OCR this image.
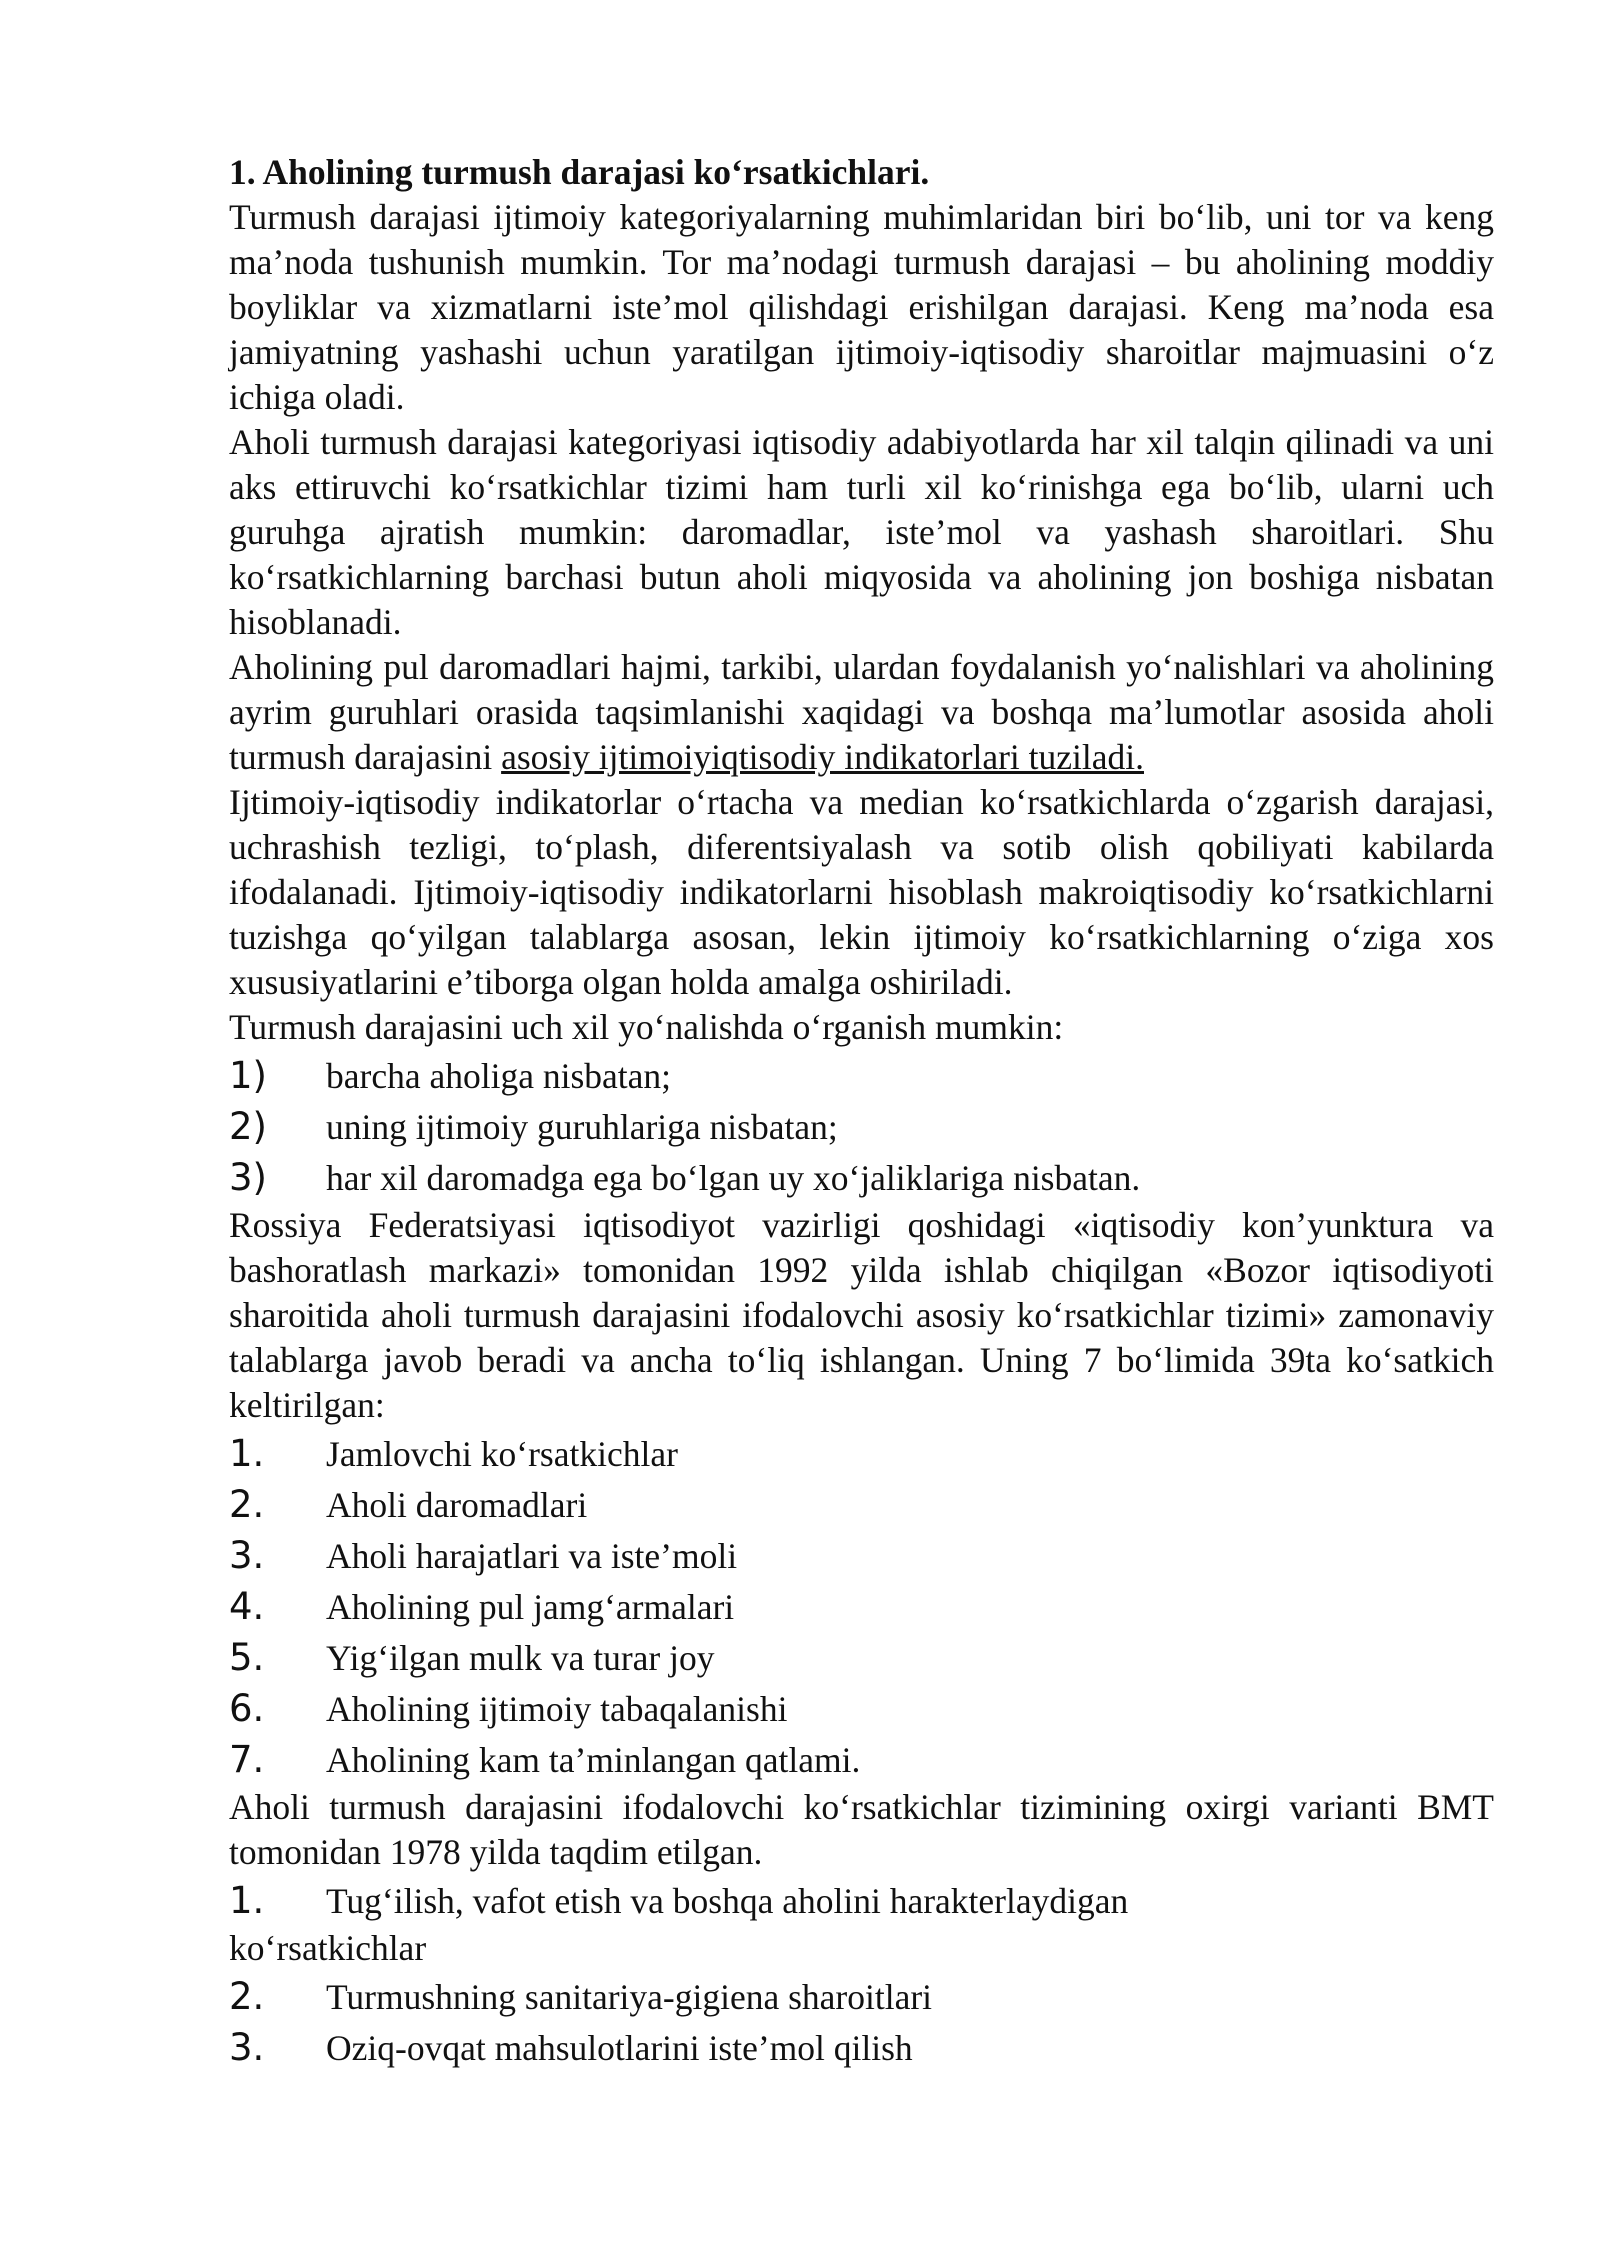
1. Aholining turmush darajasi ko‘rsatkichlari.

Turmush darajasi ijtimoiy kategoriyalarning muhimlaridan biri bo‘lib, uni tor va keng ma’noda tushunish mumkin. Tor ma’nodagi turmush darajasi – bu aholining moddiy boyliklar va xizmatlarni iste’mol qilishdagi erishilgan darajasi. Keng ma’noda esa jamiyatning yashashi uchun yaratilgan ijtimoiy-iqtisodiy sharoitlar majmuasini o‘z ichiga oladi.

Aholi turmush darajasi kategoriyasi iqtisodiy adabiyotlarda har xil talqin qilinadi va uni aks ettiruvchi ko‘rsatkichlar tizimi ham turli xil ko‘rinishga ega bo‘lib, ularni uch guruhga ajratish mumkin: daromadlar, iste’mol va yashash sharoitlari. Shu ko‘rsatkichlarning barchasi butun aholi miqyosida va aholining jon boshiga nisbatan hisoblanadi.

Aholining pul daromadlari hajmi, tarkibi, ulardan foydalanish yo‘nalishlari va aholining ayrim guruhlari orasida taqsimlanishi xaqidagi va boshqa ma’lumotlar asosida aholi turmush darajasini asosiy ijtimoiyiqtisodiy indikatorlari tuziladi.

Ijtimoiy-iqtisodiy indikatorlar o‘rtacha va median ko‘rsatkichlarda o‘zgarish darajasi, uchrashish tezligi, to‘plash, diferentsiyalash va sotib olish qobiliyati kabilarda ifodalanadi. Ijtimoiy-iqtisodiy indikatorlarni hisoblash makroiqtisodiy ko‘rsatkichlarni tuzishga qo‘yilgan talablarga asosan, lekin ijtimoiy ko‘rsatkichlarning o‘ziga xos xususiyatlarini e’tiborga olgan holda amalga oshiriladi.

Turmush darajasini uch xil yo‘nalishda o‘rganish mumkin:

1)	barcha aholiga nisbatan;
2)	uning ijtimoiy guruhlariga nisbatan;
3)	har xil daromadga ega bo‘lgan uy xo‘jaliklariga nisbatan.

Rossiya Federatsiyasi iqtisodiyot vazirligi qoshidagi «iqtisodiy kon’yunktura va bashoratlash markazi» tomonidan 1992 yilda ishlab chiqilgan «Bozor iqtisodiyoti sharoitida aholi turmush darajasini ifodalovchi asosiy ko‘rsatkichlar tizimi» zamonaviy talablarga javob beradi va ancha to‘liq ishlangan. Uning 7 bo‘limida 39ta ko‘satkich keltirilgan:

1.	Jamlovchi ko‘rsatkichlar
2.	Aholi daromadlari
3.	Aholi harajatlari va iste’moli
4.	Aholining pul jamg‘armalari
5.	Yig‘ilgan mulk va turar joy
6.	Aholining ijtimoiy tabaqalanishi
7.	Aholining kam ta’minlangan qatlami.

Aholi turmush darajasini ifodalovchi ko‘rsatkichlar tizimining oxirgi varianti BMT tomonidan 1978 yilda taqdim etilgan.

1. Tug‘ilish, vafot etish va boshqa aholini harakterlaydigan
ko‘rsatkichlar
2.	Turmushning sanitariya-gigiena sharoitlari
3.	Oziq-ovqat mahsulotlarini iste’mol qilish
